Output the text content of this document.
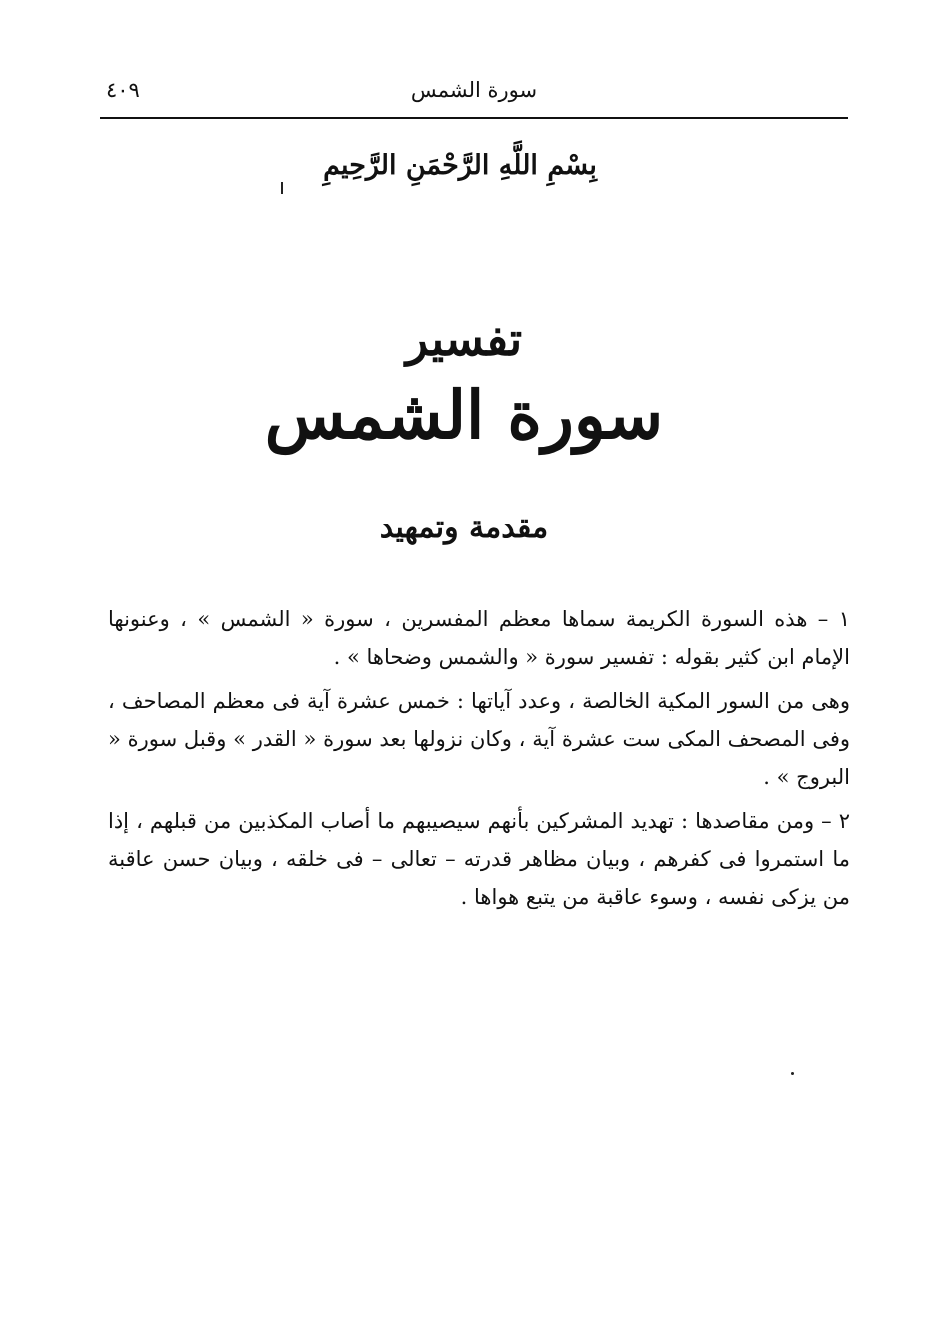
سورة الشمس
٤٠٩
بِسْمِ اللَّهِ الرَّحْمَنِ الرَّحِيمِ
تفسير
سورة الشمس
مقدمة وتمهيد

١ – هذه السورة الكريمة سماها معظم المفسرين ، سورة « الشمس » ، وعنونها الإمام ابن كثير بقوله : تفسير سورة « والشمس وضحاها » .

وهى من السور المكية الخالصة ، وعدد آياتها : خمس عشرة آية فى معظم المصاحف ، وفى المصحف المكى ست عشرة آية ، وكان نزولها بعد سورة « القدر » وقبل سورة « البروج » .

٢ – ومن مقاصدها : تهديد المشركين بأنهم سيصيبهم ما أصاب المكذبين من قبلهم ، إذا ما استمروا فى كفرهم ، وبيان مظاهر قدرته – تعالى – فى خلقه ، وبيان حسن عاقبة من يزكى نفسه ، وسوء عاقبة من يتبع هواها .
